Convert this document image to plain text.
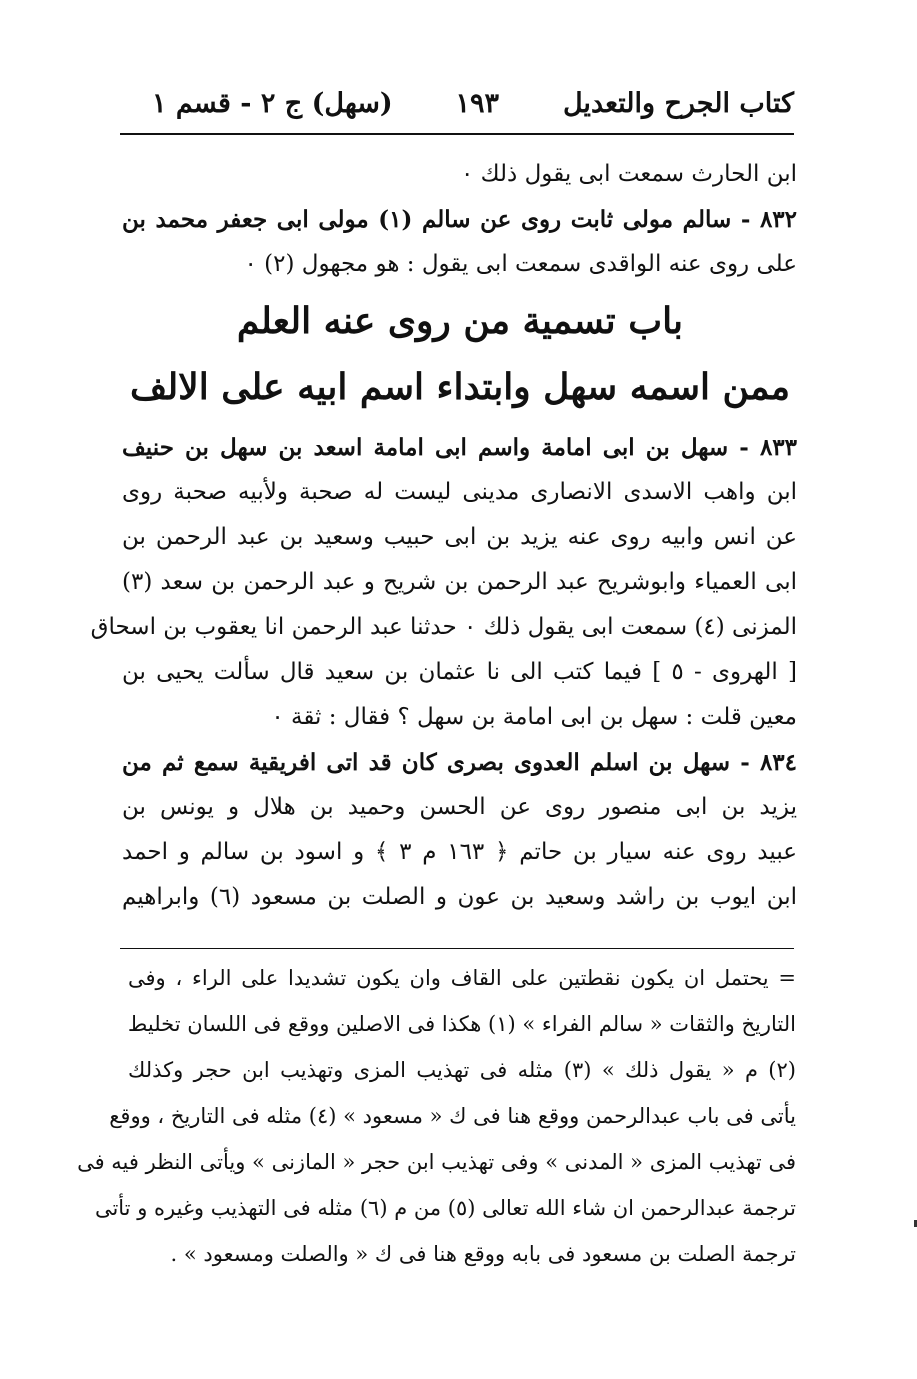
كتاب الجرح والتعديل
١٩٣
(سهل) ج ٢ - قسم ١
ابن الحارث سمعت ابى يقول ذلك ٠
٨٣٢ - سالم مولى ثابت روى عن سالم (١) مولى ابى جعفر محمد بن
على روى عنه الواقدى سمعت ابى يقول : هو مجهول (٢) ٠
باب تسمية من روى عنه العلم
ممن اسمه سهل وابتداء اسم ابيه على الالف
٨٣٣ - سهل بن ابى امامة واسم ابى امامة اسعد بن سهل بن حنيف
ابن واهب الاسدى الانصارى مدينى ليست له صحبة ولأبيه صحبة روى
عن انس وابيه روى عنه يزيد بن ابى حبيب وسعيد بن عبد الرحمن بن
ابى العمياء وابوشريح عبد الرحمن بن شريح و عبد الرحمن بن سعد (٣)
المزنى (٤) سمعت ابى يقول ذلك ٠ حدثنا عبد الرحمن انا يعقوب بن اسحاق
[ الهروى - ٥ ] فيما كتب الى نا عثمان بن سعيد قال سألت يحيى بن
معين قلت : سهل بن ابى امامة بن سهل ؟ فقال : ثقة ٠
٨٣٤ - سهل بن اسلم العدوى بصرى كان قد اتى افريقية سمع ثم من
يزيد بن ابى منصور روى عن الحسن وحميد بن هلال و يونس بن
عبيد روى عنه سيار بن حاتم ﴿ ١٦٣ م ٣ ﴾ و اسود بن سالم و احمد
ابن ايوب بن راشد وسعيد بن عون و الصلت بن مسعود (٦) وابراهيم
= يحتمل ان يكون نقطتين على القاف وان يكون تشديدا على الراء ، وفى
التاريخ والثقات « سالم الفراء » (١) هكذا فى الاصلين ووقع فى اللسان تخليط
(٢) م « يقول ذلك » (٣) مثله فى تهذيب المزى وتهذيب ابن حجر وكذلك
يأتى فى باب عبدالرحمن ووقع هنا فى ك « مسعود » (٤) مثله فى التاريخ ، ووقع
فى تهذيب المزى « المدنى » وفى تهذيب ابن حجر « المازنى » ويأتى النظر فيه فى
ترجمة عبدالرحمن ان شاء الله تعالى (٥) من م (٦) مثله فى التهذيب وغيره و تأتى
ترجمة الصلت بن مسعود فى بابه ووقع هنا فى ك « والصلت ومسعود » .
